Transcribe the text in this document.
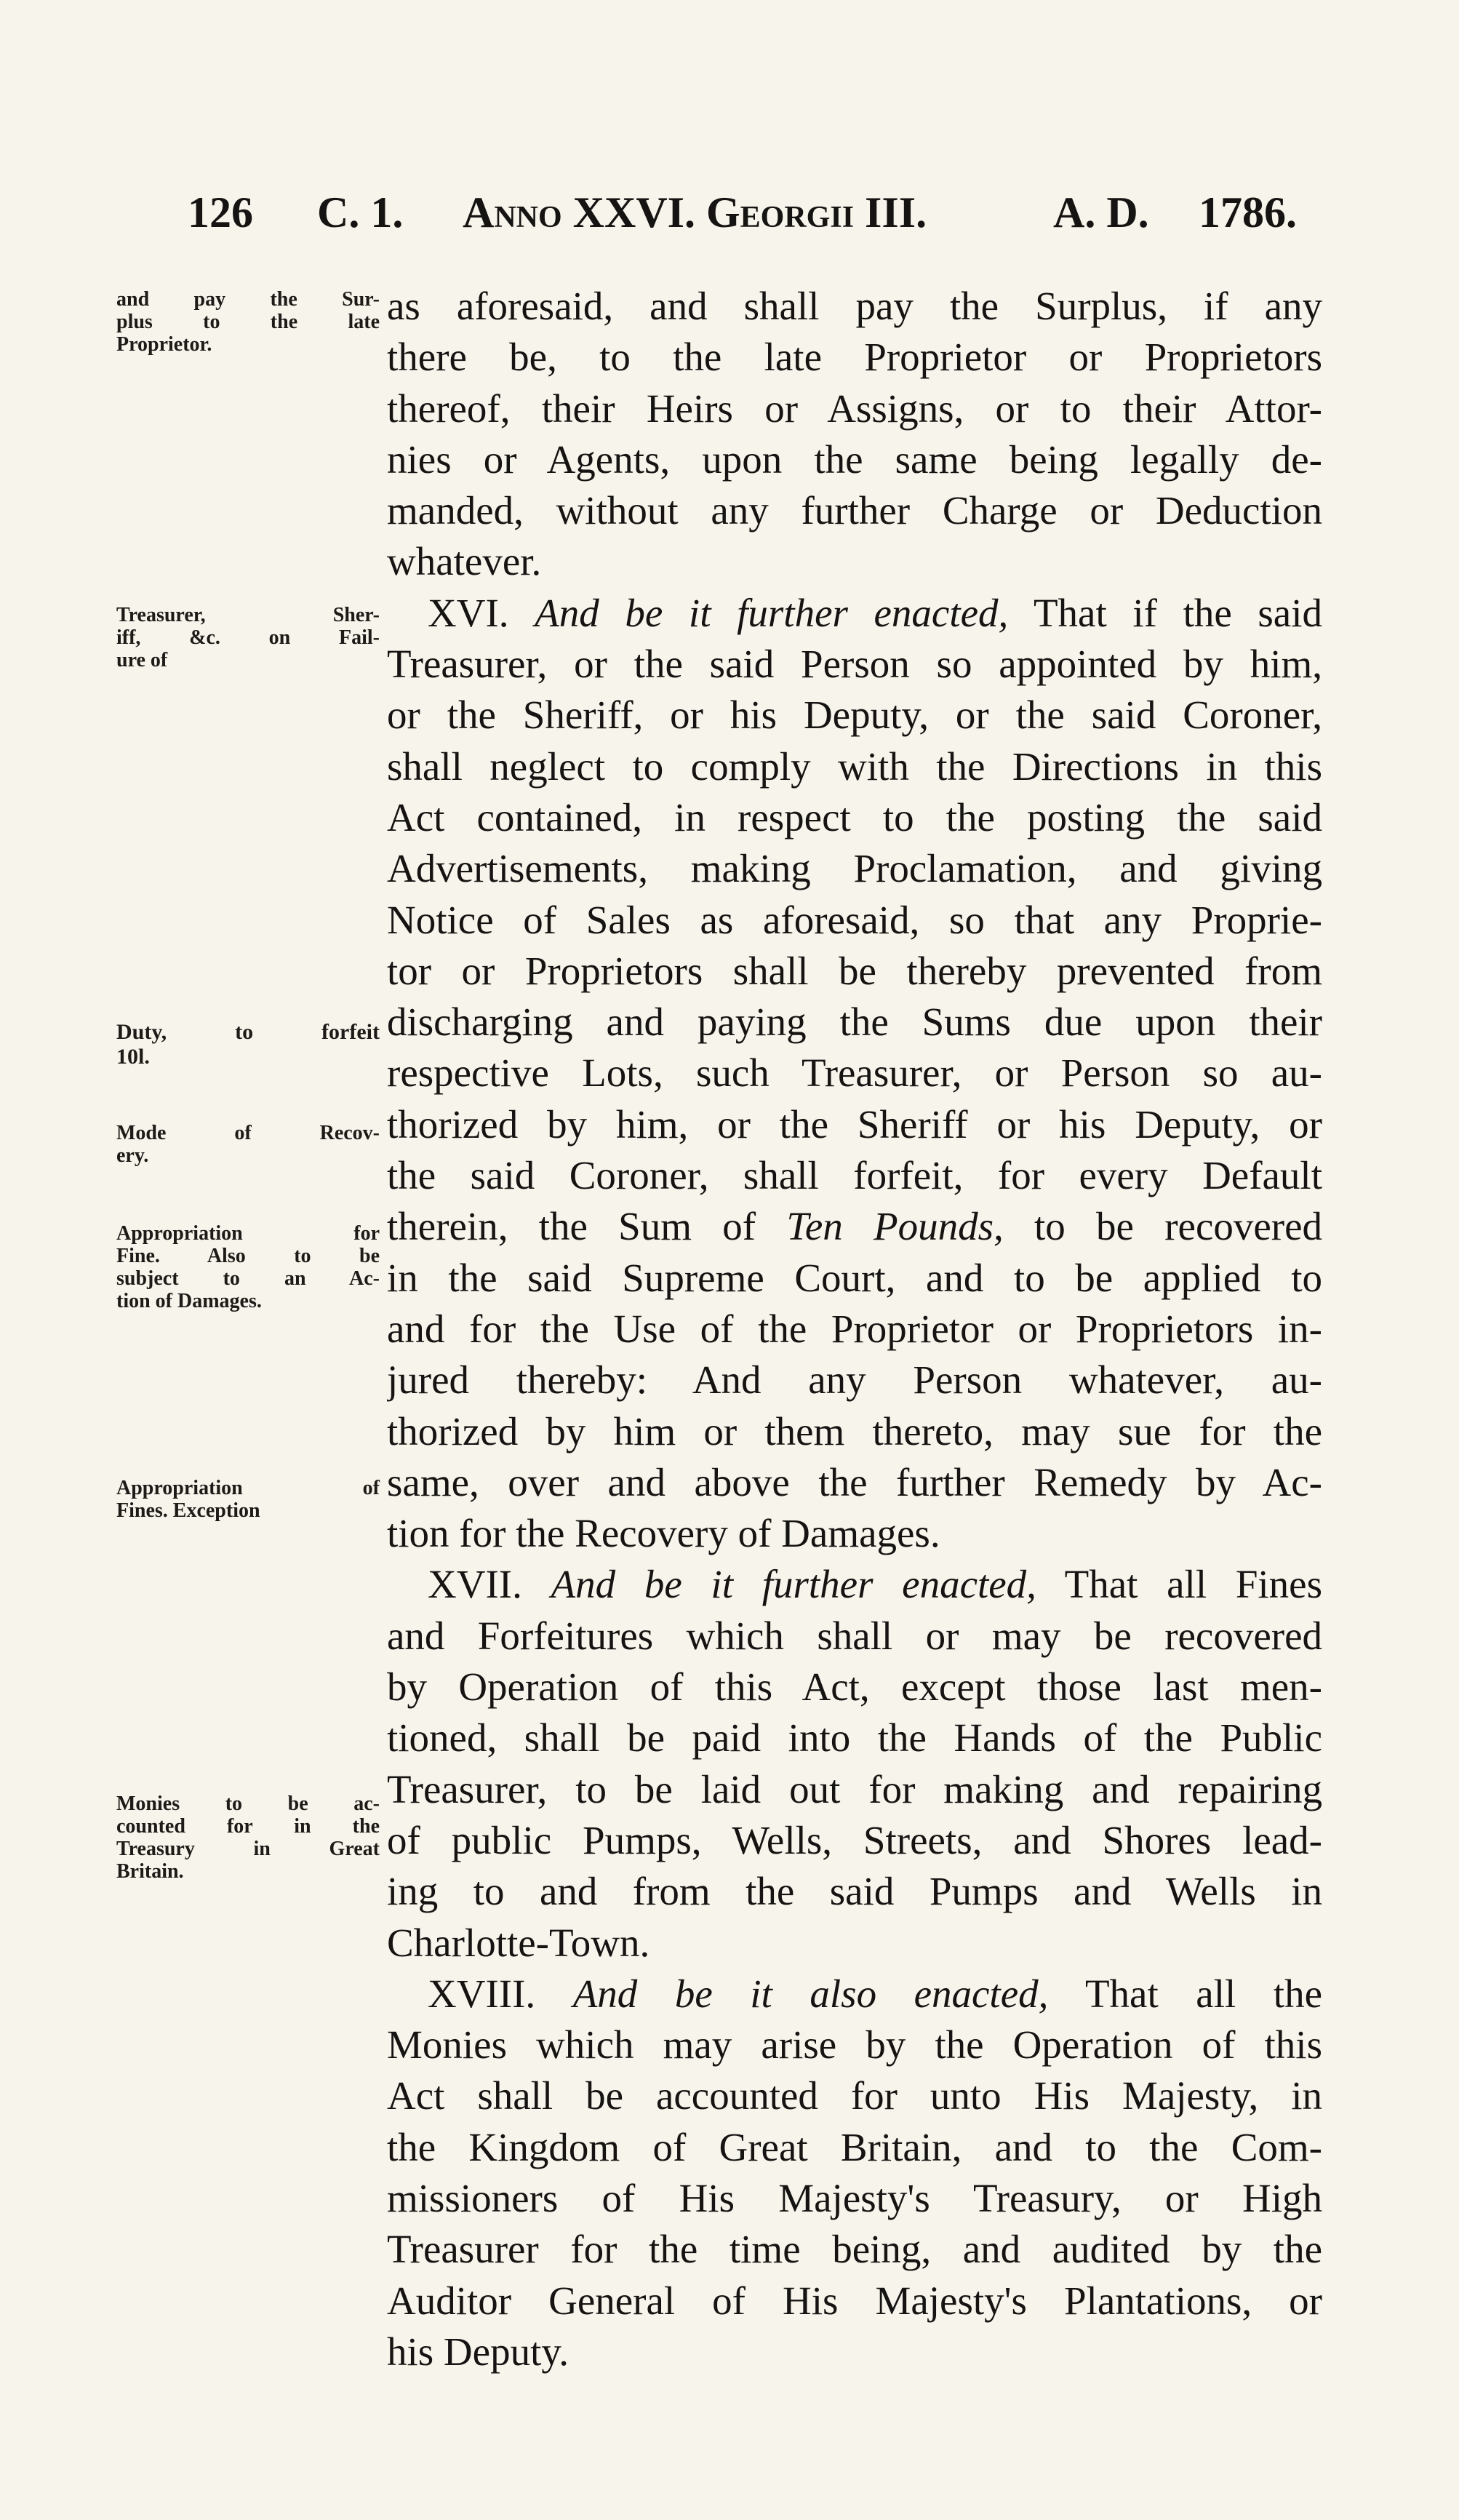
126 C. 1. Anno XXVI. Georgii III.	A. D. 1786.
and pay the Sur-
plus to the late
Proprietor.
Treasurer, Sher-
iff, &c. on Fail-
ure of
Duty, to forfeit
10l.
Mode of Recov-
ery.
Appropriation for
Fine. Also to be
subject to an Ac-
tion of Damages.
Appropriation of
Fines. Exception
Monies to be ac-
counted for in the
Treasury in Great
Britain.
as aforesaid, and shall pay the Surplus, if any
there be, to the late Proprietor or Proprietors
thereof, their Heirs or Assigns, or to their Attor-
nies or Agents, upon the same being legally de-
manded, without any further Charge or Deduction
whatever.
XVI. And be it further enacted, That if the said
Treasurer, or the said Person so appointed by him,
or the Sheriff, or his Deputy, or the said Coroner,
shall neglect to comply with the Directions in this
Act contained, in respect to the posting the said
Advertisements, making Proclamation, and giving
Notice of Sales as aforesaid, so that any Proprie-
tor or Proprietors shall be thereby prevented from
discharging and paying the Sums due upon their
respective Lots, such Treasurer, or Person so au-
thorized by him, or the Sheriff or his Deputy, or
the said Coroner, shall forfeit, for every Default
therein, the Sum of Ten Pounds, to be recovered
in the said Supreme Court, and to be applied to
and for the Use of the Proprietor or Proprietors in-
jured thereby: And any Person whatever, au-
thorized by him or them thereto, may sue for the
same, over and above the further Remedy by Ac-
tion for the Recovery of Damages.
XVII. And be it further enacted, That all Fines
and Forfeitures which shall or may be recovered
by Operation of this Act, except those last men-
tioned, shall be paid into the Hands of the Public
Treasurer, to be laid out for making and repairing
of public Pumps, Wells, Streets, and Shores lead-
ing to and from the said Pumps and Wells in
Charlotte-Town.
XVIII. And be it also enacted, That all the
Monies which may arise by the Operation of this
Act shall be accounted for unto His Majesty, in
the Kingdom of Great Britain, and to the Com-
missioners of His Majesty's Treasury, or High
Treasurer for the time being, and audited by the
Auditor General of His Majesty's Plantations, or
his Deputy.
